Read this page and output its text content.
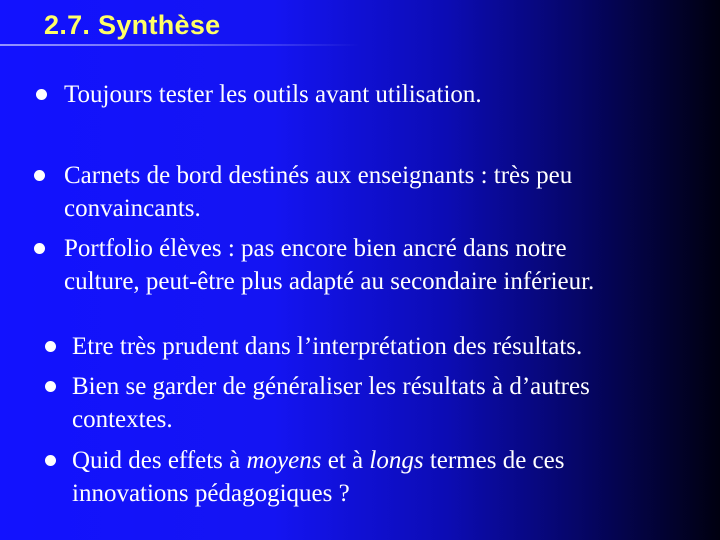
2.7. Synthèse
Toujours tester les outils avant utilisation.
Carnets de bord destinés aux enseignants : très peu
convaincants.
Portfolio élèves : pas encore bien ancré dans notre
culture, peut-être plus adapté au secondaire inférieur.
Etre très prudent dans l’interprétation des résultats.
Bien se garder de généraliser les résultats à d’autres
contextes.
Quid des effets à moyens et à longs termes de ces
innovations pédagogiques ?
